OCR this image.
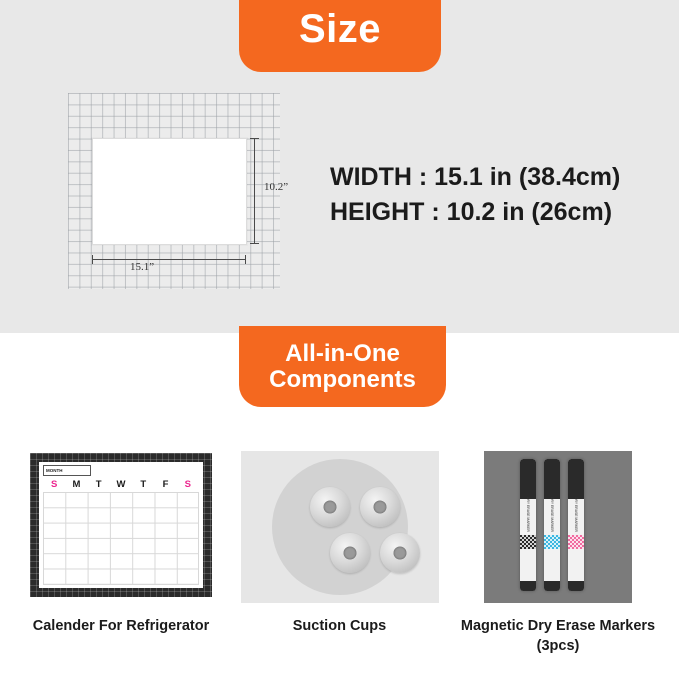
Size
10.2”
15.1”
WIDTH : 15.1 in (38.4cm)
HEIGHT : 10.2 in (26cm)
All-in-One
Components
MONTH
S	M	T	W	T	F	S
Calender For Refrigerator	Suction Cups
DRY ERASE MARKER	DRY ERASE MARKER	DRY ERASE MARKER
Magnetic Dry Erase Markers (3pcs)
